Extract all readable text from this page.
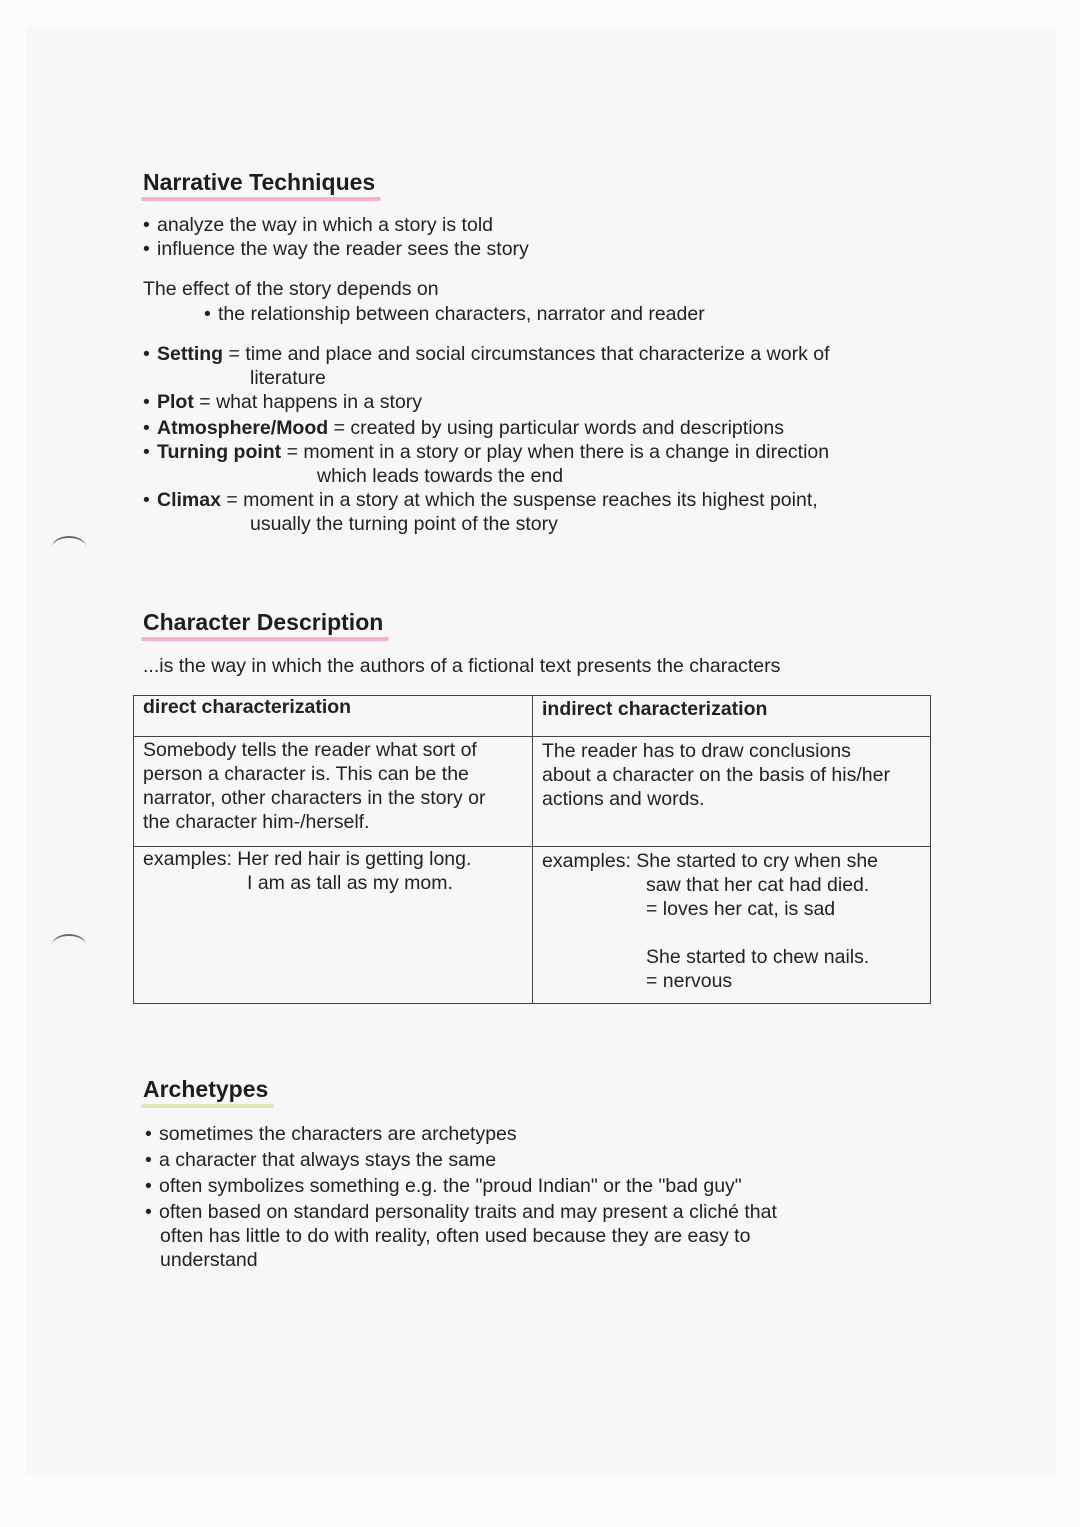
Narrative Techniques
• analyze the way in which a story is told
• influence the way the reader sees the story
The effect of the story depends on
• the relationship between characters, narrator and reader
• Setting = time and place and social circumstances that characterize a work of
literature
• Plot = what happens in a story
• Atmosphere/Mood = created by using particular words and descriptions
• Turning point = moment in a story or play when there is a change in direction
which leads towards the end
• Climax = moment in a story at which the suspense reaches its highest point,
usually the turning point of the story
Character Description
...is the way in which the authors of a fictional text presents the characters
direct characterization	indirect characterization
Somebody tells the reader what sort of
person a character is. This can be the
narrator, other characters in the story or
the character him-/herself.
The reader has to draw conclusions
about a character on the basis of his/her
actions and words.
examples: Her red hair is getting long.
I am as tall as my mom.
examples: She started to cry when she
saw that her cat had died.
= loves her cat, is sad
She started to chew nails.
= nervous
Archetypes
• sometimes the characters are archetypes
• a character that always stays the same
• often symbolizes something e.g. the "proud Indian" or the "bad guy"
• often based on standard personality traits and may present a cliché that
often has little to do with reality, often used because they are easy to
understand
